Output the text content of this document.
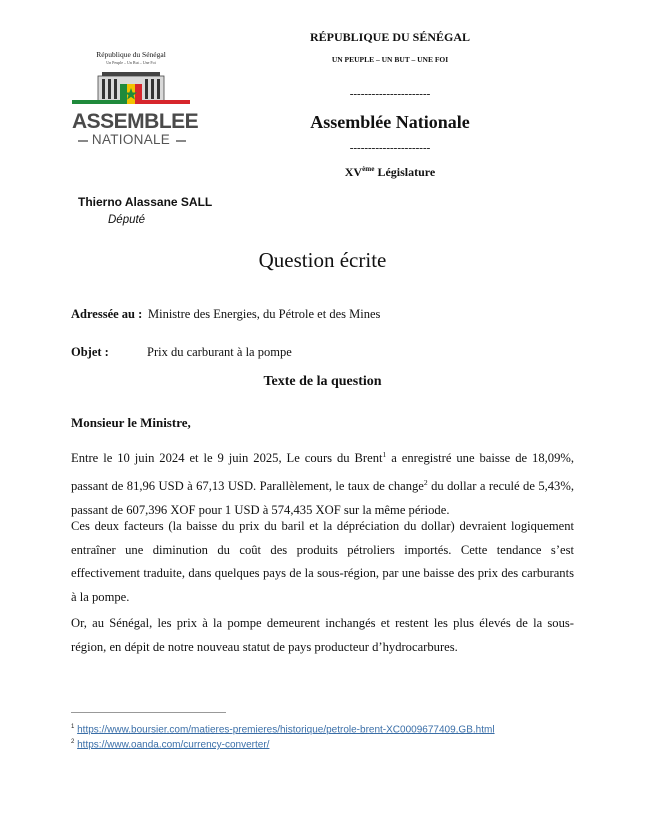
République du Sénégal
Un Peuple – Un But – Une Foi
ASSEMBLEE
NATIONALE
RÉPUBLIQUE DU SÉNÉGAL
UN PEUPLE – UN BUT – UNE FOI
----------------------
Assemblée Nationale
----------------------
XVème Législature
Thierno Alassane SALL
Député
Question écrite
Adressée au : Ministre des Energies, du Pétrole et des Mines
Objet :	Prix du carburant à la pompe
Texte de la question
Monsieur le Ministre,
Entre le 10 juin 2024 et le 9 juin 2025, Le cours du Brent$^1$ a enregistré une baisse de 18,09%, passant de 81,96 USD à 67,13 USD. Parallèlement, le taux de change$^2$ du dollar a reculé de 5,43%, passant de 607,396 XOF pour 1 USD à 574,435 XOF sur la même période.
Ces deux facteurs (la baisse du prix du baril et la dépréciation du dollar) devraient logiquement entraîner une diminution du coût des produits pétroliers importés. Cette tendance s’est effectivement traduite, dans quelques pays de la sous-région, par une baisse des prix des carburants à la pompe.
Or, au Sénégal, les prix à la pompe demeurent inchangés et restent les plus élevés de la sous-région, en dépit de notre nouveau statut de pays producteur d’hydrocarbures.
$^1$ https://www.boursier.com/matieres-premieres/historique/petrole-brent-XC0009677409,GB.html
$^2$ https://www.oanda.com/currency-converter/
